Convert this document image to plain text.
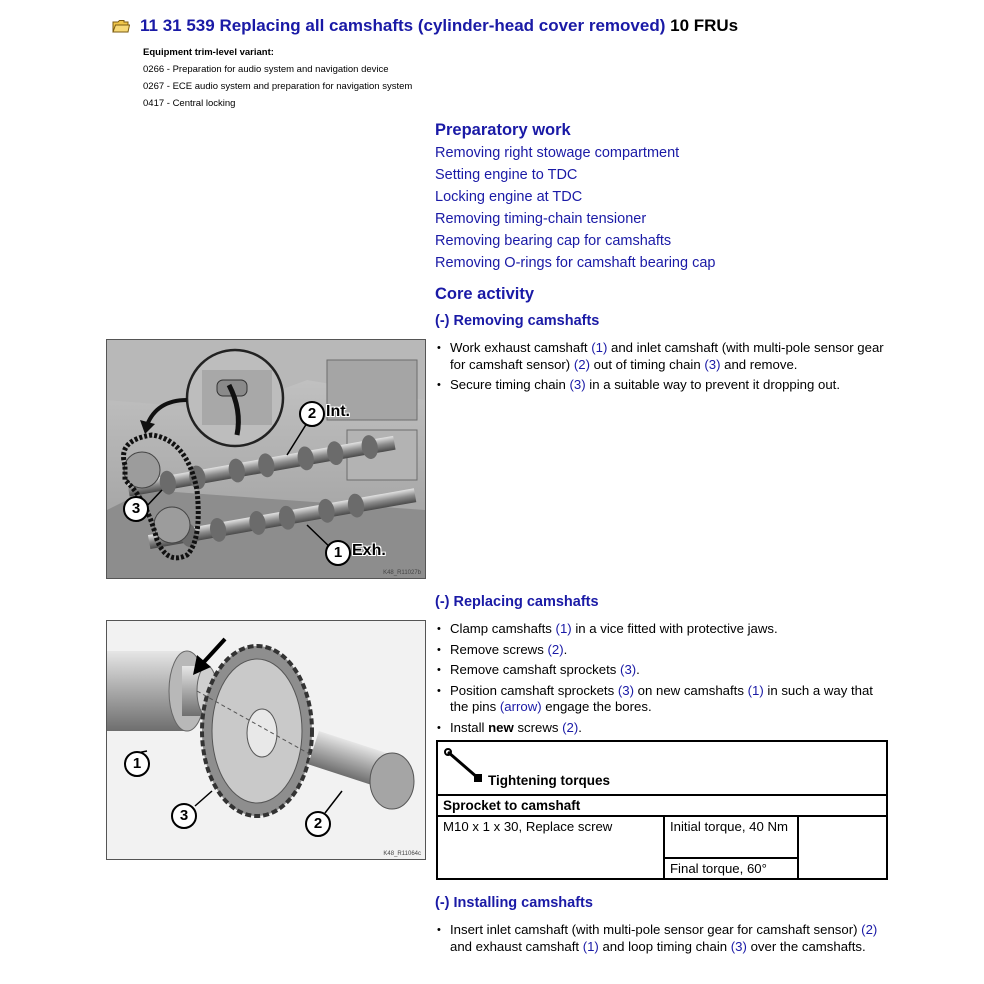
11 31 539 Replacing all camshafts (cylinder-head cover removed) 10 FRUs
Equipment trim-level variant:
0266 - Preparation for audio system and navigation device
0267 - ECE audio system and preparation for navigation system
0417 - Central locking
Preparatory work
Removing right stowage compartment
Setting engine to TDC
Locking engine at TDC
Removing timing-chain tensioner
Removing bearing cap for camshafts
Removing O-rings for camshaft bearing cap
Core activity
(-) Removing camshafts
• Work exhaust camshaft (1) and inlet camshaft (with multi-pole sensor gear for camshaft sensor) (2) out of timing chain (3) and remove.
• Secure timing chain (3) in a suitable way to prevent it dropping out.
2 Int.
3
1 Exh.
K48_R11027b
(-) Replacing camshafts
• Clamp camshafts (1) in a vice fitted with protective jaws.
• Remove screws (2).
• Remove camshaft sprockets (3).
• Position camshaft sprockets (3) on new camshafts (1) in such a way that the pins (arrow) engage the bores.
• Install new screws (2).
1
3	2
K48_R11064c
Tightening torques
Sprocket to camshaft
M10 x 1 x 30, Replace screw	Initial torque, 40 Nm	
Final torque, 60°
(-) Installing camshafts
• Insert inlet camshaft (with multi-pole sensor gear for camshaft sensor) (2) and exhaust camshaft (1) and loop timing chain (3) over the camshafts.
